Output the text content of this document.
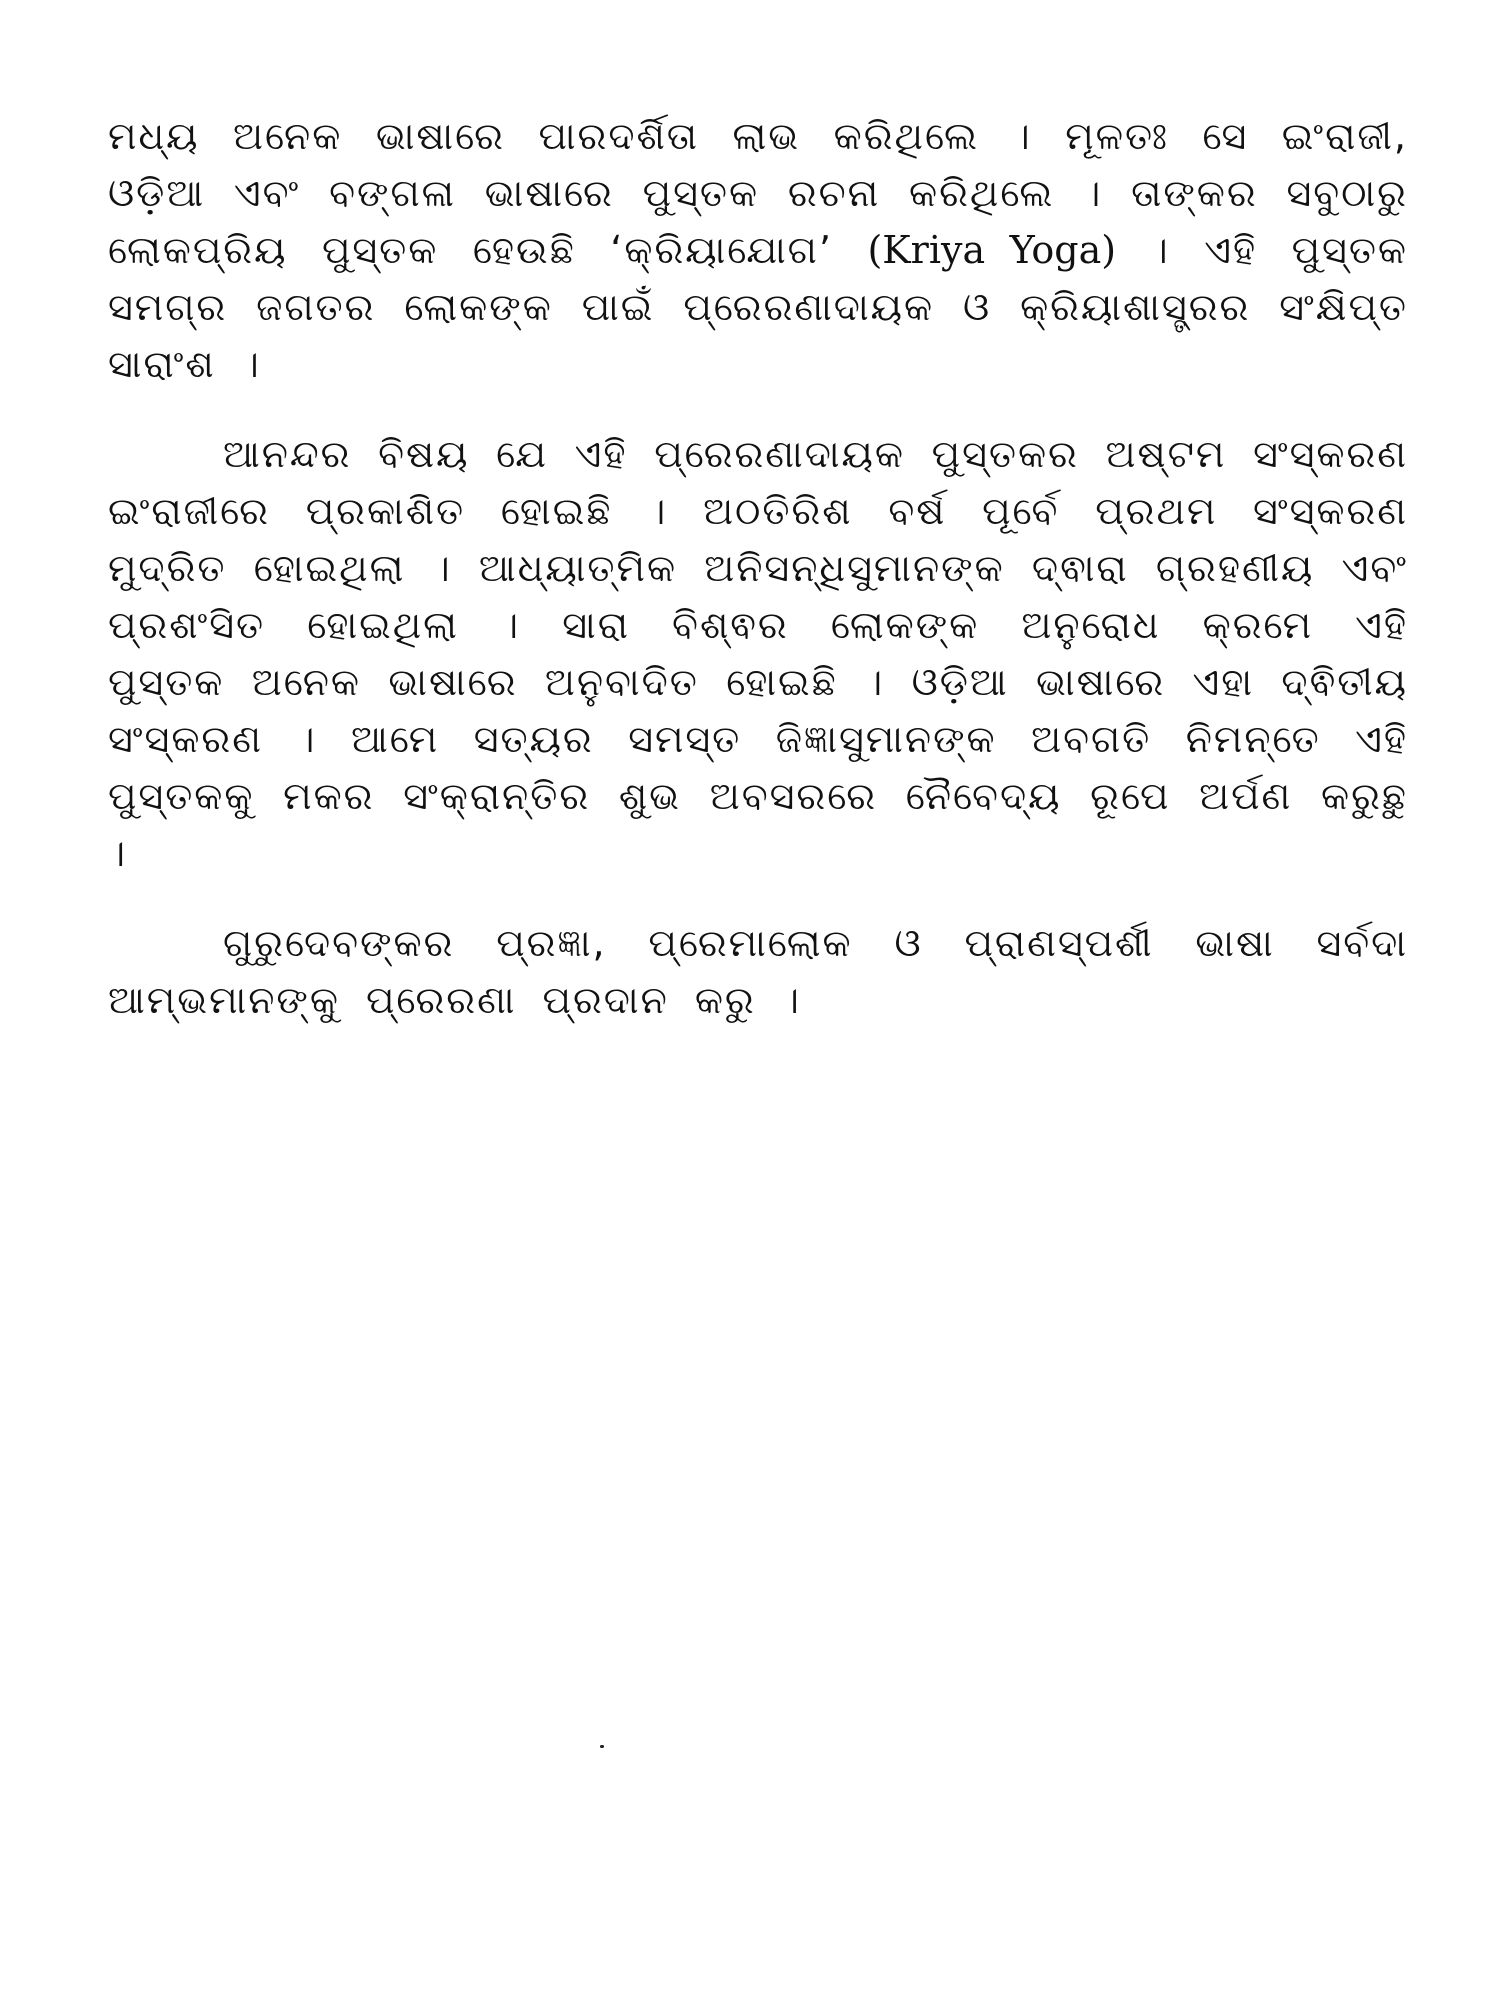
ମଧ୍ୟ ଅନେକ ଭାଷାରେ ପାରଦର୍ଶିତା ଲାଭ କରିଥିଲେ । ମୂଳତଃ ସେ ଇଂରାଜୀ, ଓଡ଼ିଆ ଏବଂ ବଙ୍ଗଳା ଭାଷାରେ ପୁସ୍ତକ ରଚନା କରିଥିଲେ । ତାଙ୍କର ସବୁଠାରୁ ଲୋକପ୍ରିୟ ପୁସ୍ତକ ହେଉଛି ‘କ୍ରିୟାଯୋଗ’ (Kriya Yoga) । ଏହି ପୁସ୍ତକ ସମଗ୍ର ଜଗତର ଲୋକଙ୍କ ପାଇଁ ପ୍ରେରଣାଦାୟକ ଓ କ୍ରିୟାଶାସ୍ତ୍ରର ସଂକ୍ଷିପ୍ତ ସାରାଂଶ ।

ଆନନ୍ଦର ବିଷୟ ଯେ ଏହି ପ୍ରେରଣାଦାୟକ ପୁସ୍ତକର ଅଷ୍ଟମ ସଂସ୍କରଣ ଇଂରାଜୀରେ ପ୍ରକାଶିତ ହୋଇଛି । ଅଠତିରିଶ ବର୍ଷ ପୂର୍ବେ ପ୍ରଥମ ସଂସ୍କରଣ ମୁଦ୍ରିତ ହୋଇଥିଲା । ଆଧ୍ୟାତ୍ମିକ ଅନିସନ୍ଧିସୁମାନଙ୍କ ଦ୍ଵାରା ଗ୍ରହଣୀୟ ଏବଂ ପ୍ରଶଂସିତ ହୋଇଥିଲା । ସାରା ବିଶ୍ଵର ଲୋକଙ୍କ ଅନୁରୋଧ କ୍ରମେ ଏହି ପୁସ୍ତକ ଅନେକ ଭାଷାରେ ଅନୁବାଦିତ ହୋଇଛି । ଓଡ଼ିଆ ଭାଷାରେ ଏହା ଦ୍ଵିତୀୟ ସଂସ୍କରଣ । ଆମେ ସତ୍ୟର ସମସ୍ତ ଜିଜ୍ଞାସୁମାନଙ୍କ ଅବଗତି ନିମନ୍ତେ ଏହି ପୁସ୍ତକକୁ ମକର ସଂକ୍ରାନ୍ତିର ଶୁଭ ଅବସରରେ ନୈବେଦ୍ୟ ରୂପେ ଅର୍ପଣ କରୁଛୁ ।

ଗୁରୁଦେବଙ୍କର ପ୍ରଜ୍ଞା, ପ୍ରେମାଲୋକ ଓ ପ୍ରାଣସ୍ପର୍ଶୀ ଭାଷା ସର୍ବଦା ଆମ୍ଭମାନଙ୍କୁ ପ୍ରେରଣା ପ୍ରଦାନ କରୁ ।
